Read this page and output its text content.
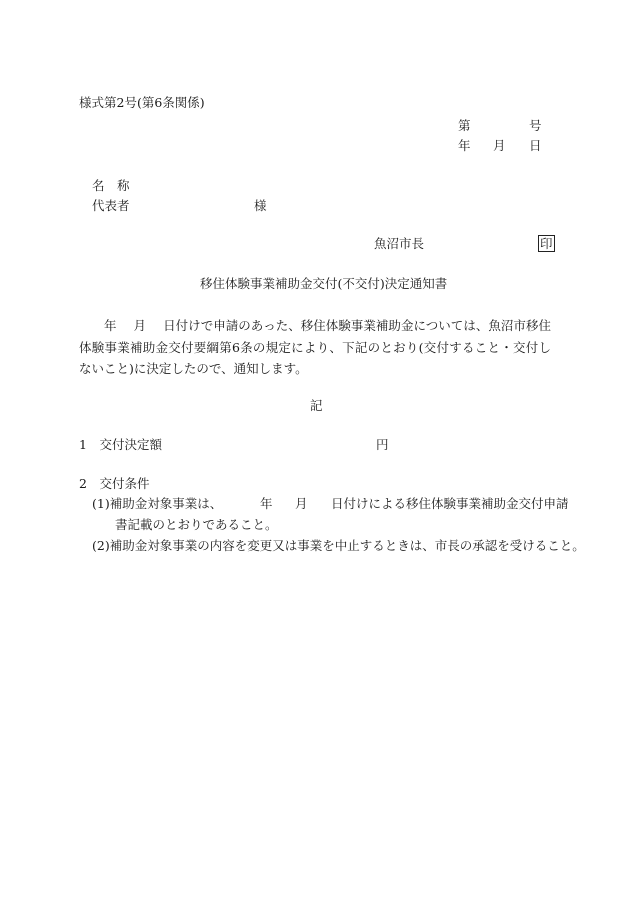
様式第2号(第6条関係)
第	号
年 月 日
名　称
代表者	様
魚沼市長	印
移住体験事業補助金交付(不交付)決定通知書
年 月 日付けで申請のあった、移住体験事業補助金については、魚沼市移住体験事業補助金交付要綱第6条の規定により、下記のとおり(交付すること・交付しないこと)に決定したので、通知します。
記
1　交付決定額	円
2　交付条件
(1)補助金対象事業は、	年 月 日付けによる移住体験事業補助金交付申請
書記載のとおりであること。
(2)補助金対象事業の内容を変更又は事業を中止するときは、市長の承認を受けること。
